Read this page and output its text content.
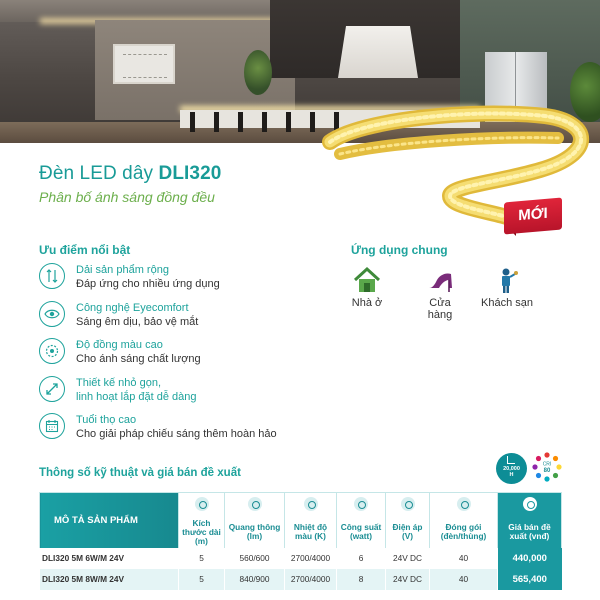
Đèn LED dây DLI320
Phân bố ánh sáng đồng đều
MỚI
Ưu điểm nổi bật
Dải sản phẩm rộng
Đáp ứng cho nhiều ứng dụng
Công nghệ Eyecomfort
Sáng êm dịu, bảo vệ mắt
Độ đồng màu cao
Cho ánh sáng chất lượng
Thiết kế nhỏ gọn,
linh hoạt lắp đặt dễ dàng
Tuổi thọ cao
Cho giải pháp chiếu sáng thêm hoàn hảo
Ứng dụng chung
Nhà ở	Cửa hàng
Khách sạn
Thông số kỹ thuật và giá bán đề xuất	20,000
H
CRI
80
MÔ TẢ SẢN PHẨM							
	Kích thước dài (m)	Quang thông (lm)	Nhiệt độ màu (K)	Công suất (watt)	Điện áp (V)	Đóng gói (đèn/thùng)	Giá bán đề xuất (vnđ)
DLI320 5M 6W/M 24V	5	560/600	2700/4000	6	24V DC	40	440,000
DLI320 5M 8W/M 24V	5	840/900	2700/4000	8	24V DC	40	565,400
